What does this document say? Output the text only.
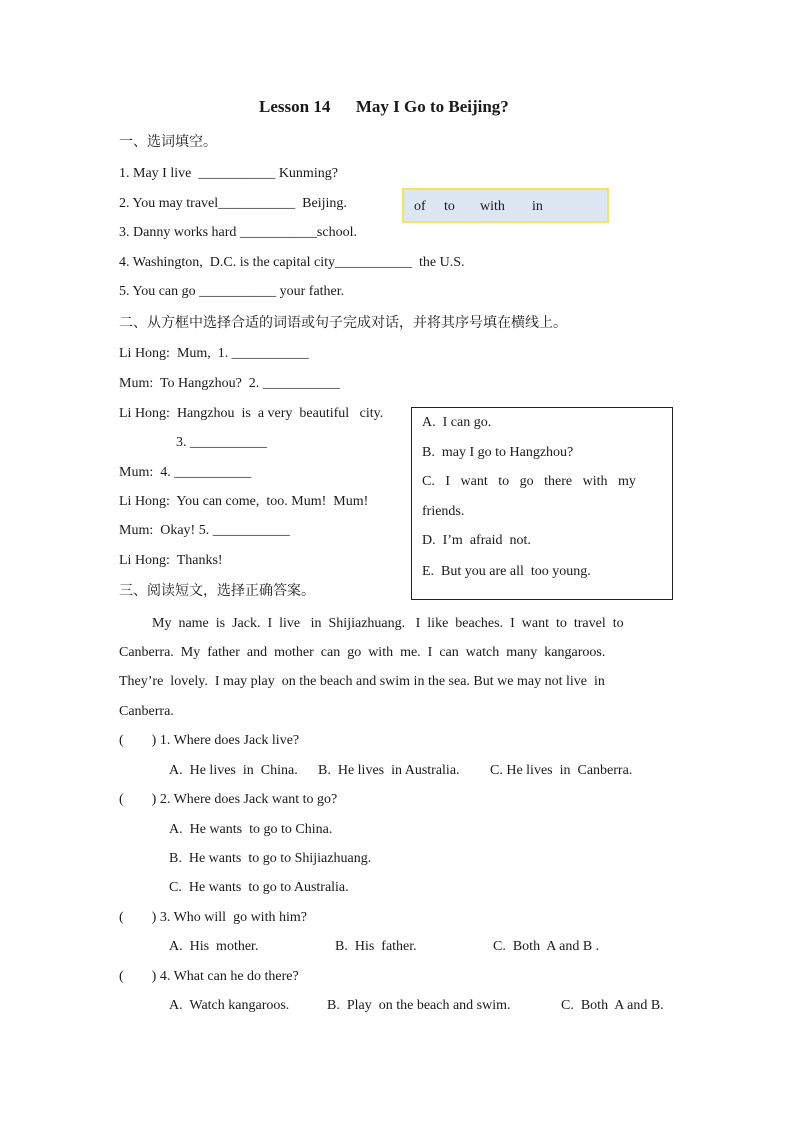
Lesson 14      May I Go to Beijing?
一、选词填空。
1. May I live  ___________ Kunming?
2. You may travel___________  Beijing.
3. Danny works hard ___________school.
4. Washington,  D.C. is the capital city___________  the U.S.
5. You can go ___________ your father.
of to with in
二、从方框中选择合适的词语或句子完成对话，并将其序号填在横线上。
Li Hong:  Mum,  1. ___________
Mum:  To Hangzhou?  2. ___________
Li Hong:  Hangzhou  is  a very  beautiful   city.
3. ___________
Mum:  4. ___________
Li Hong:  You can come,  too. Mum!  Mum!
Mum:  Okay! 5. ___________
Li Hong:  Thanks!
A.  I can go.
B.  may I go to Hangzhou?
C.   I   want   to   go   there   with   my
friends.
D.  I’m  afraid  not.
E.  But you are all  too young.
三、阅读短文，选择正确答案。
My  name  is  Jack.  I  live   in  Shijiazhuang.   I  like  beaches.  I  want  to  travel  to
Canberra.  My  father  and  mother  can  go  with  me.  I  can  watch  many  kangaroos.
They’re  lovely.  I may play  on the beach and swim in the sea. But we may not live  in
Canberra.
(        ) 1. Where does Jack live?
A.  He lives  in  China. B.  He lives  in Australia. C. He lives  in  Canberra.
(        ) 2. Where does Jack want to go?
A.  He wants  to go to China.
B.  He wants  to go to Shijiazhuang.
C.  He wants  to go to Australia.
(        ) 3. Who will  go with him?
A.  His  mother.	B.  His  father.	C.  Both  A and B .
(        ) 4. What can he do there?
A.  Watch kangaroos.	B.  Play  on the beach and swim.	C.  Both  A and B.
